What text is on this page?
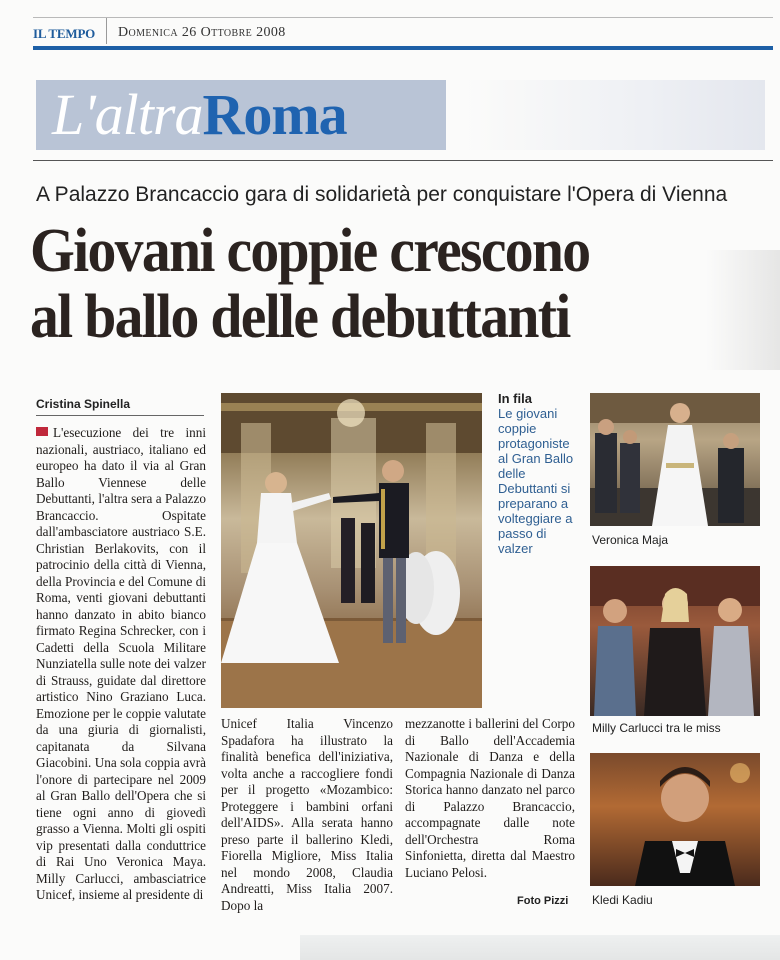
IL TEMPO Domenica 26 Ottobre 2008
L'altraRoma
A Palazzo Brancaccio gara di solidarietà per conquistare l'Opera di Vienna
Giovani coppie crescono
al ballo delle debuttanti
Cristina Spinella
L'esecuzione dei tre inni nazionali, austriaco, italiano ed europeo ha dato il via al Gran Ballo Viennese delle Debuttanti, l'altra sera a Palazzo Brancaccio. Ospitate dall'ambasciatore austriaco S.E. Christian Berlakovits, con il patrocinio della città di Vienna, della Provincia e del Comune di Roma, venti giovani debuttanti hanno danzato in abito bianco firmato Regina Schrecker, con i Cadetti della Scuola Militare Nunziatella sulle note dei valzer di Strauss, guidate dal direttore artistico Nino Graziano Luca. Emozione per le coppie valutate da una giuria di giornalisti, capitanata da Silvana Giacobini. Una sola coppia avrà l'onore di partecipare nel 2009 al Gran Ballo dell'Opera che si tiene ogni anno di giovedì grasso a Vienna. Molti gli ospiti vip presentati dalla conduttrice di Rai Uno Veronica Maya. Milly Carlucci, ambasciatrice Unicef, insieme al presidente di
Unicef Italia Vincenzo Spadafora ha illustrato la finalità benefica dell'iniziativa, volta anche a raccogliere fondi per il progetto «Mozambico: Proteggere i bambini orfani dell'AIDS». Alla serata hanno preso parte il ballerino Kledi, Fiorella Migliore, Miss Italia nel mondo 2008, Claudia Andreatti, Miss Italia 2007. Dopo la
mezzanotte i ballerini del Corpo di Ballo dell'Accademia Nazionale di Danza e della Compagnia Nazionale di Danza Storica hanno danzato nel parco di Palazzo Brancaccio, accompagnate dalle note dell'Orchestra Roma Sinfonietta, diretta dal Maestro Luciano Pelosi.
Foto Pizzi
In fila
Le giovani coppie protagoniste al Gran Ballo delle Debuttanti si preparano a volteggiare a passo di valzer
Veronica Maja
Milly Carlucci tra le miss
Kledi Kadiu
